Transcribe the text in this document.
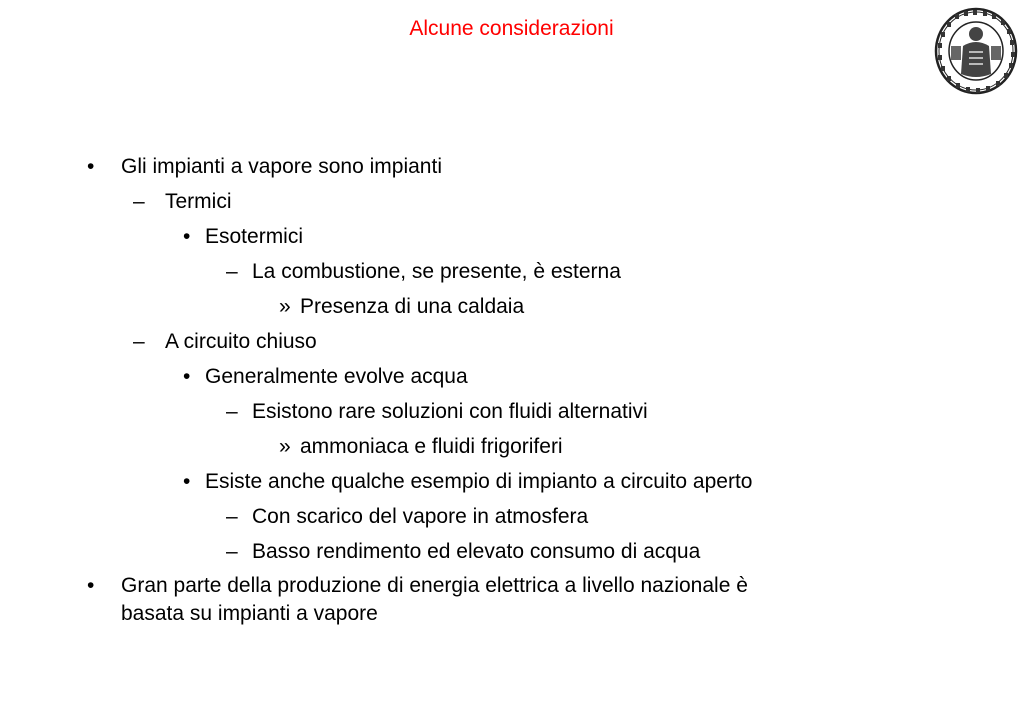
Alcune considerazioni
• Gli impianti a vapore sono impianti
– Termici
• Esotermici
– La combustione, se presente, è esterna
» Presenza di una caldaia
– A circuito chiuso
• Generalmente evolve acqua
– Esistono rare soluzioni con fluidi alternativi
» ammoniaca e fluidi frigoriferi
• Esiste anche qualche esempio di impianto a circuito aperto
– Con scarico del vapore in atmosfera
– Basso rendimento ed elevato consumo di acqua
• Gran parte della produzione di energia elettrica a livello nazionale è
basata su impianti a vapore
